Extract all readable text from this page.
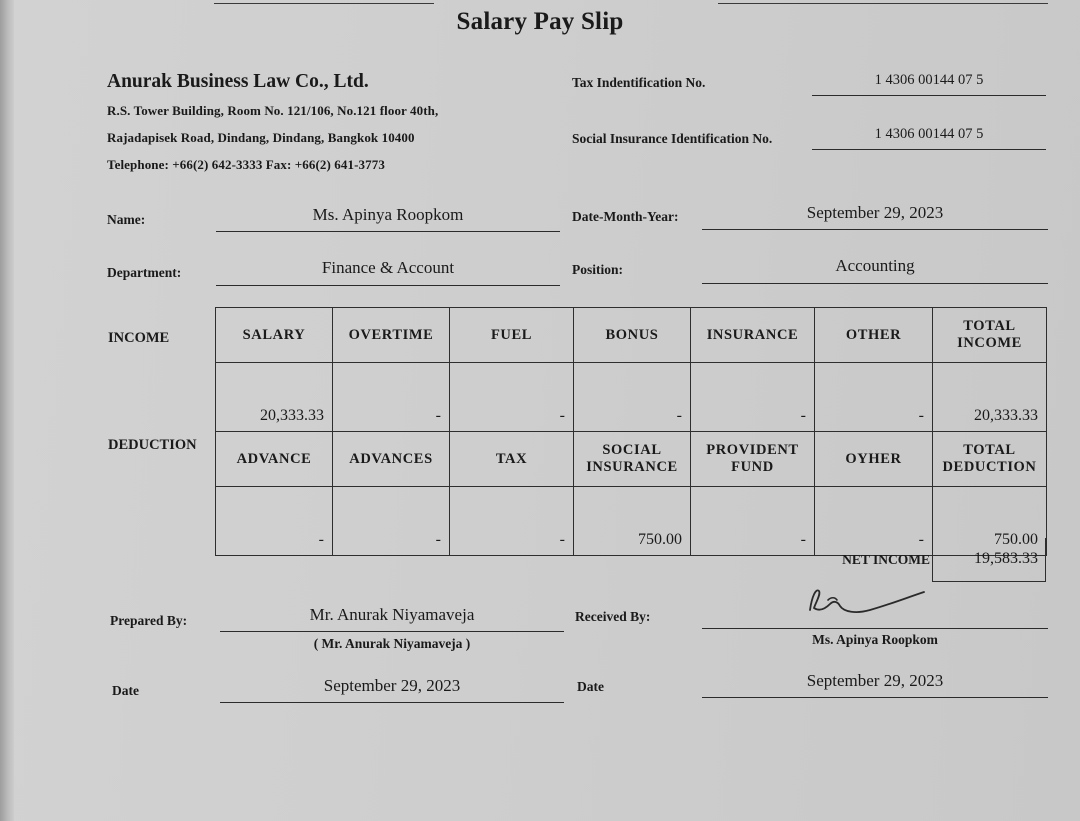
Salary Pay Slip
Anurak Business Law Co., Ltd.
R.S. Tower Building, Room No. 121/106, No.121 floor 40th,
Rajadapisek Road, Dindang, Dindang, Bangkok 10400
Telephone: +66(2) 642-3333 Fax: +66(2) 641-3773
Tax Indentification No.	1 4306 00144 07 5
Social Insurance Identification No.	1 4306 00144 07 5
Name:	Ms. Apinya Roopkom	Date-Month-Year:	September 29, 2023
Department:	Finance & Account	Position:	Accounting
INCOME
DEDUCTION
SALARY	OVERTIME	FUEL	BONUS	INSURANCE	OTHER	TOTAL INCOME
20,333.33	-	-	-	-	-	20,333.33
ADVANCE	ADVANCES	TAX	SOCIAL INSURANCE	PROVIDENT FUND	OYHER	TOTAL DEDUCTION
-	-	-	750.00	-	-	750.00
NET INCOME	19,583.33
Prepared By:	Mr. Anurak Niyamaveja
( Mr. Anurak Niyamaveja )
Received By:
Ms. Apinya Roopkom
Date	September 29, 2023	Date	September 29, 2023
